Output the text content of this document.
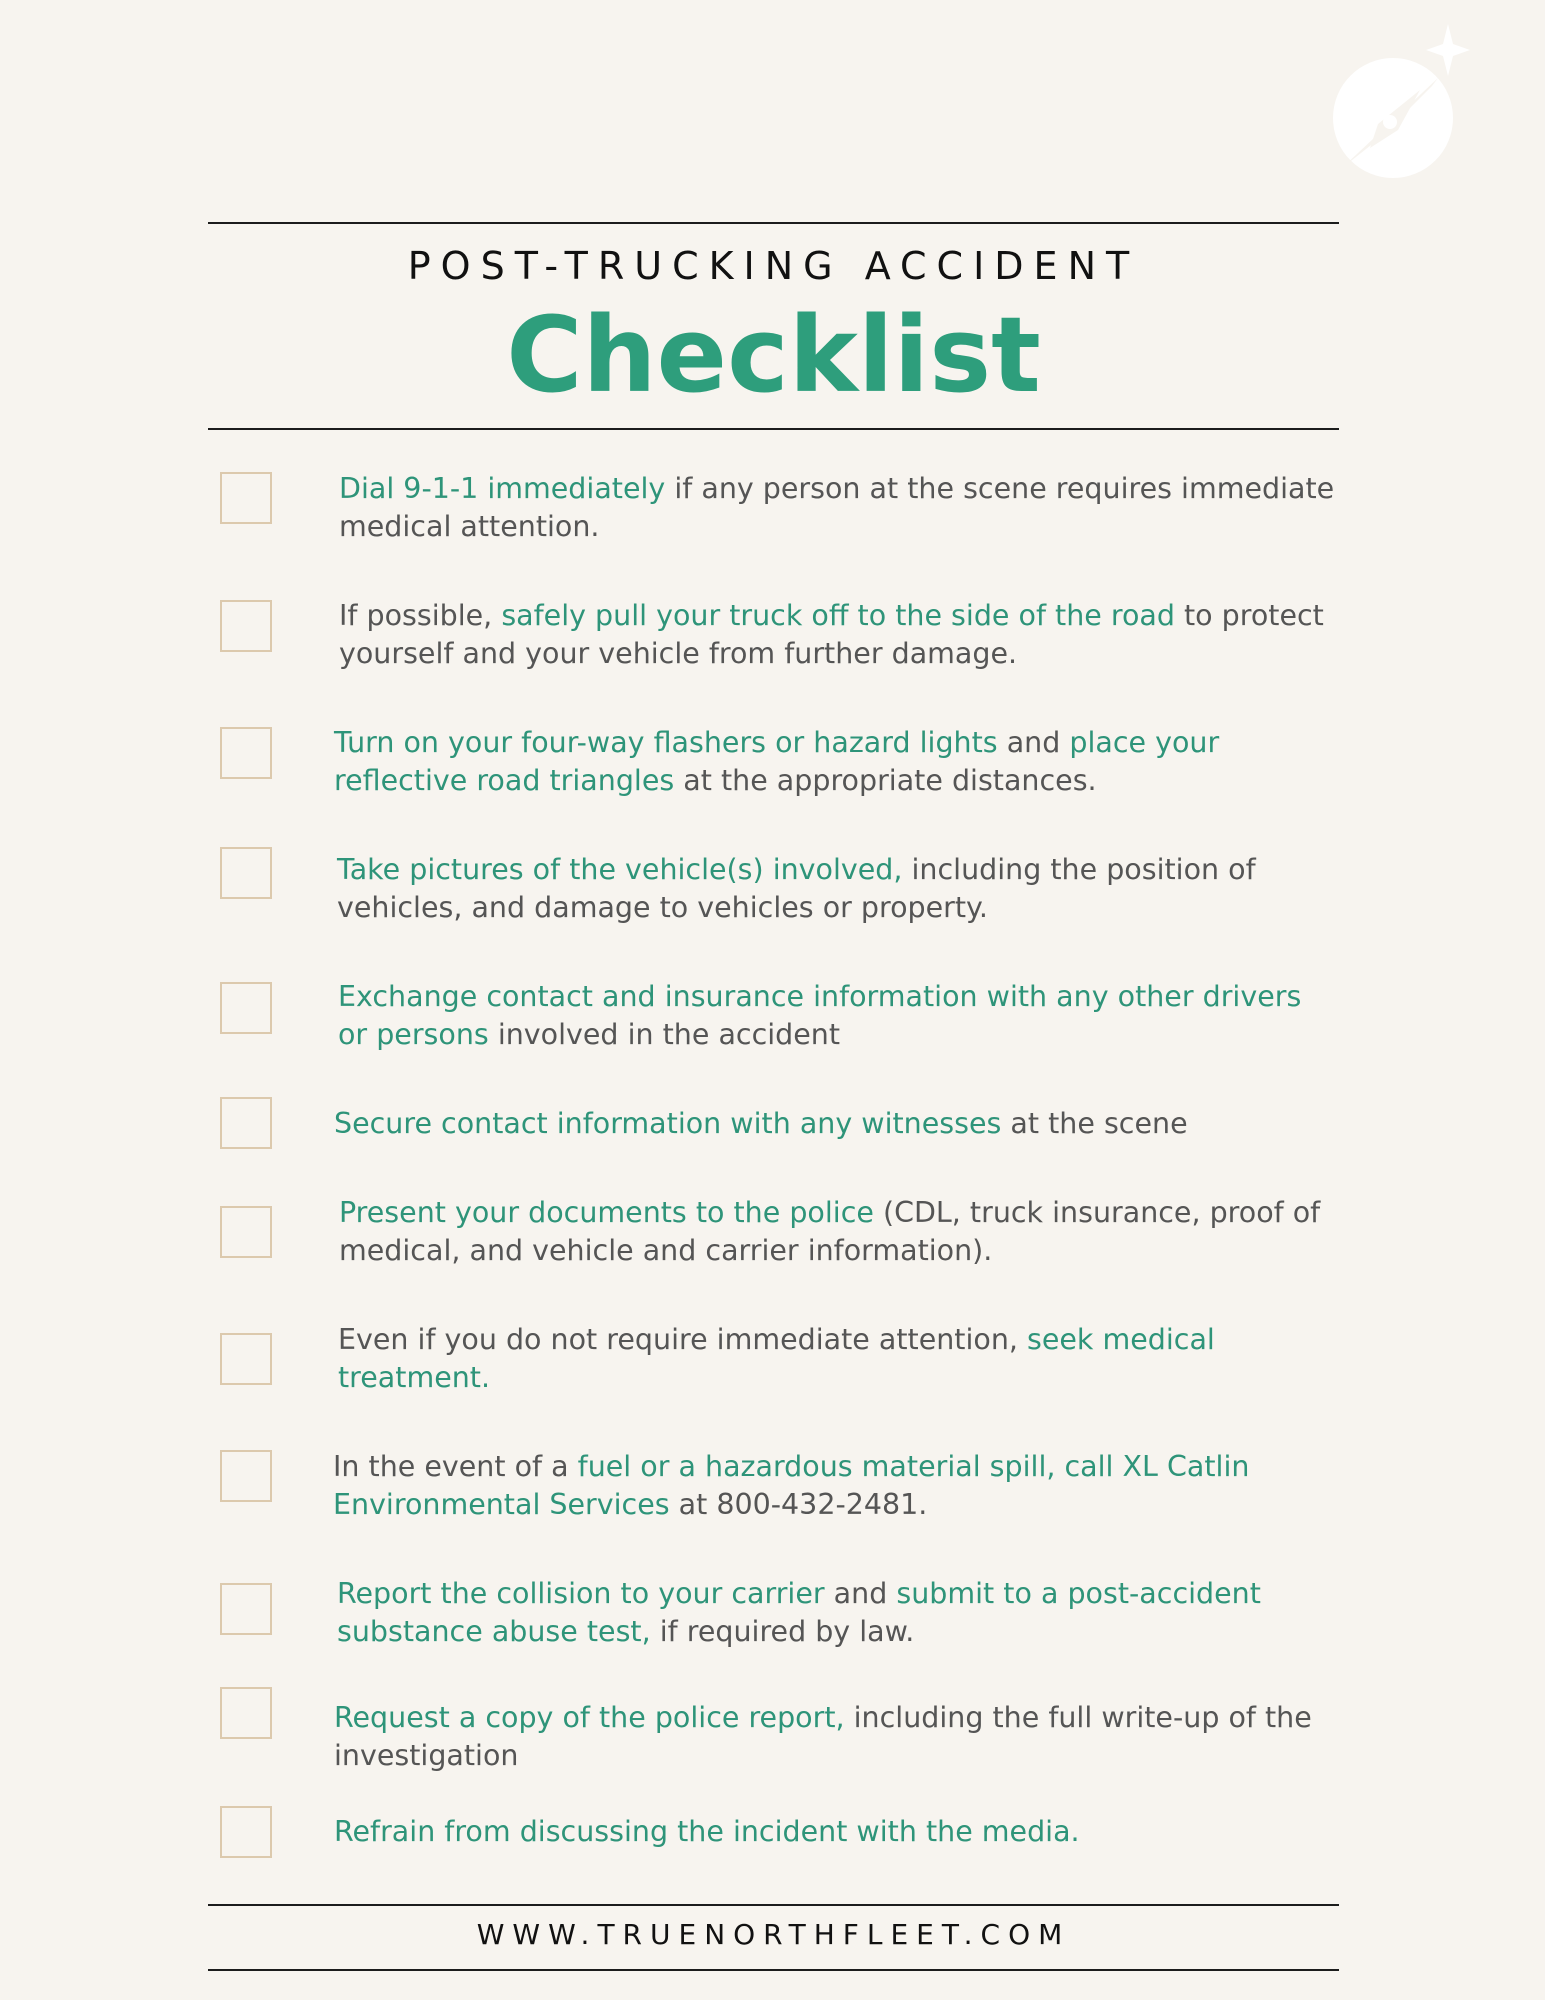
POST-TRUCKING ACCIDENT
Checklist
Dial 9-1-1 immediately if any person at the scene requires immediate medical attention.
If possible, safely pull your truck off to the side of the road to protect yourself and your vehicle from further damage.
Turn on your four-way flashers or hazard lights and place your reflective road triangles at the appropriate distances.
Take pictures of the vehicle(s) involved, including the position of vehicles, and damage to vehicles or property.
Exchange contact and insurance information with any other drivers or persons involved in the accident
Secure contact information with any witnesses at the scene
Present your documents to the police (CDL, truck insurance, proof of medical, and vehicle and carrier information).
Even if you do not require immediate attention, seek medical treatment.
In the event of a fuel or a hazardous material spill, call XL Catlin Environmental Services at 800-432-2481.
Report the collision to your carrier and submit to a post-accident substance abuse test, if required by law.
Request a copy of the police report, including the full write-up of the investigation
Refrain from discussing the incident with the media.
WWW.TRUENORTHFLEET.COM
